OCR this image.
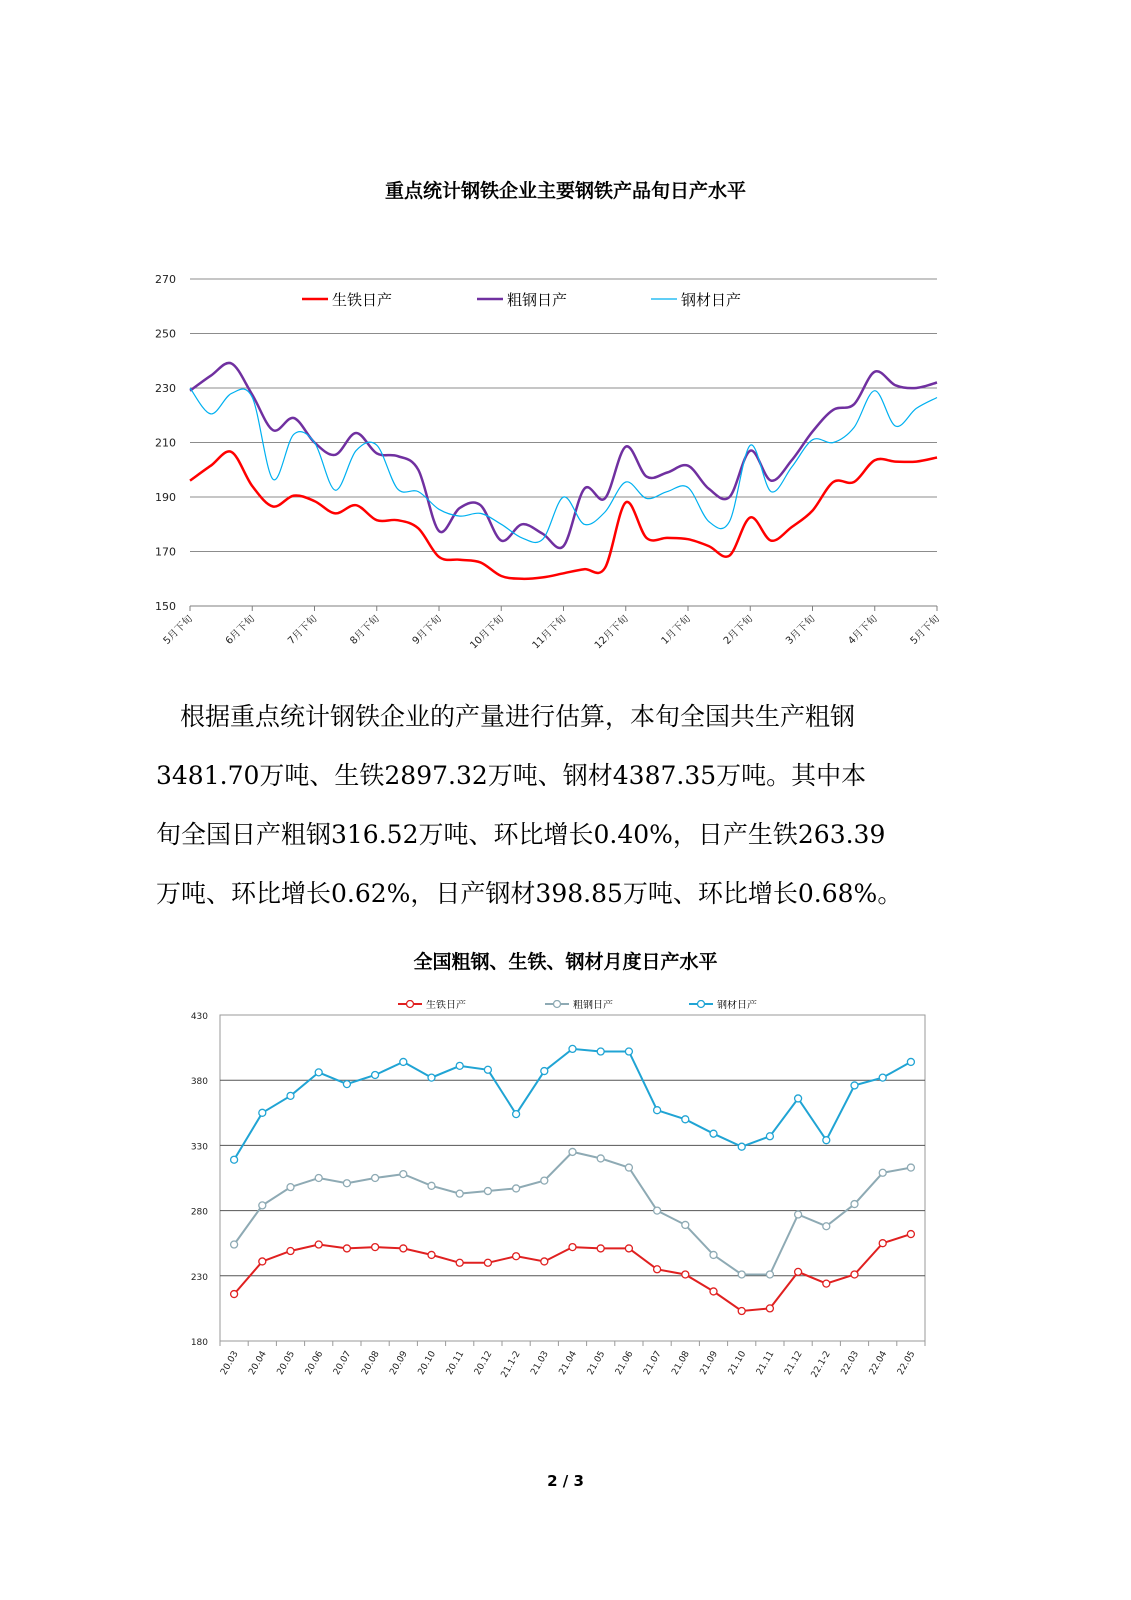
重点统计钢铁企业主要钢铁产品旬日产水平
150
170
190
210
230
250
270
5月下旬	6月下旬	7月下旬	8月下旬	9月下旬 10月下旬 11月下旬 12月下旬	1月下旬	2月下旬	3月下旬	4月下旬	5月下旬
生铁日产	粗钢日产	钢材日产
根据重点统计钢铁企业的产量进行估算，本旬全国共生产粗钢
3481.70万吨、生铁2897.32万吨、钢材4387.35万吨。其中本
旬全国日产粗钢316.52万吨、环比增长0.40%，日产生铁263.39
万吨、环比增长0.62%，日产钢材398.85万吨、环比增长0.68%。
全国粗钢、生铁、钢材月度日产水平
180
230
280
330
380
430
20.03 20.04 20.05 20.06 20.07 20.08 20.09 20.10 20.11 20.12 21.1-2 21.03 21.04 21.05 21.06 21.07 21.08 21.09 21.10 21.11 21.12 22.1-2 22.03 22.04 22.05
生铁日产	粗钢日产	钢材日产
2 / 3
